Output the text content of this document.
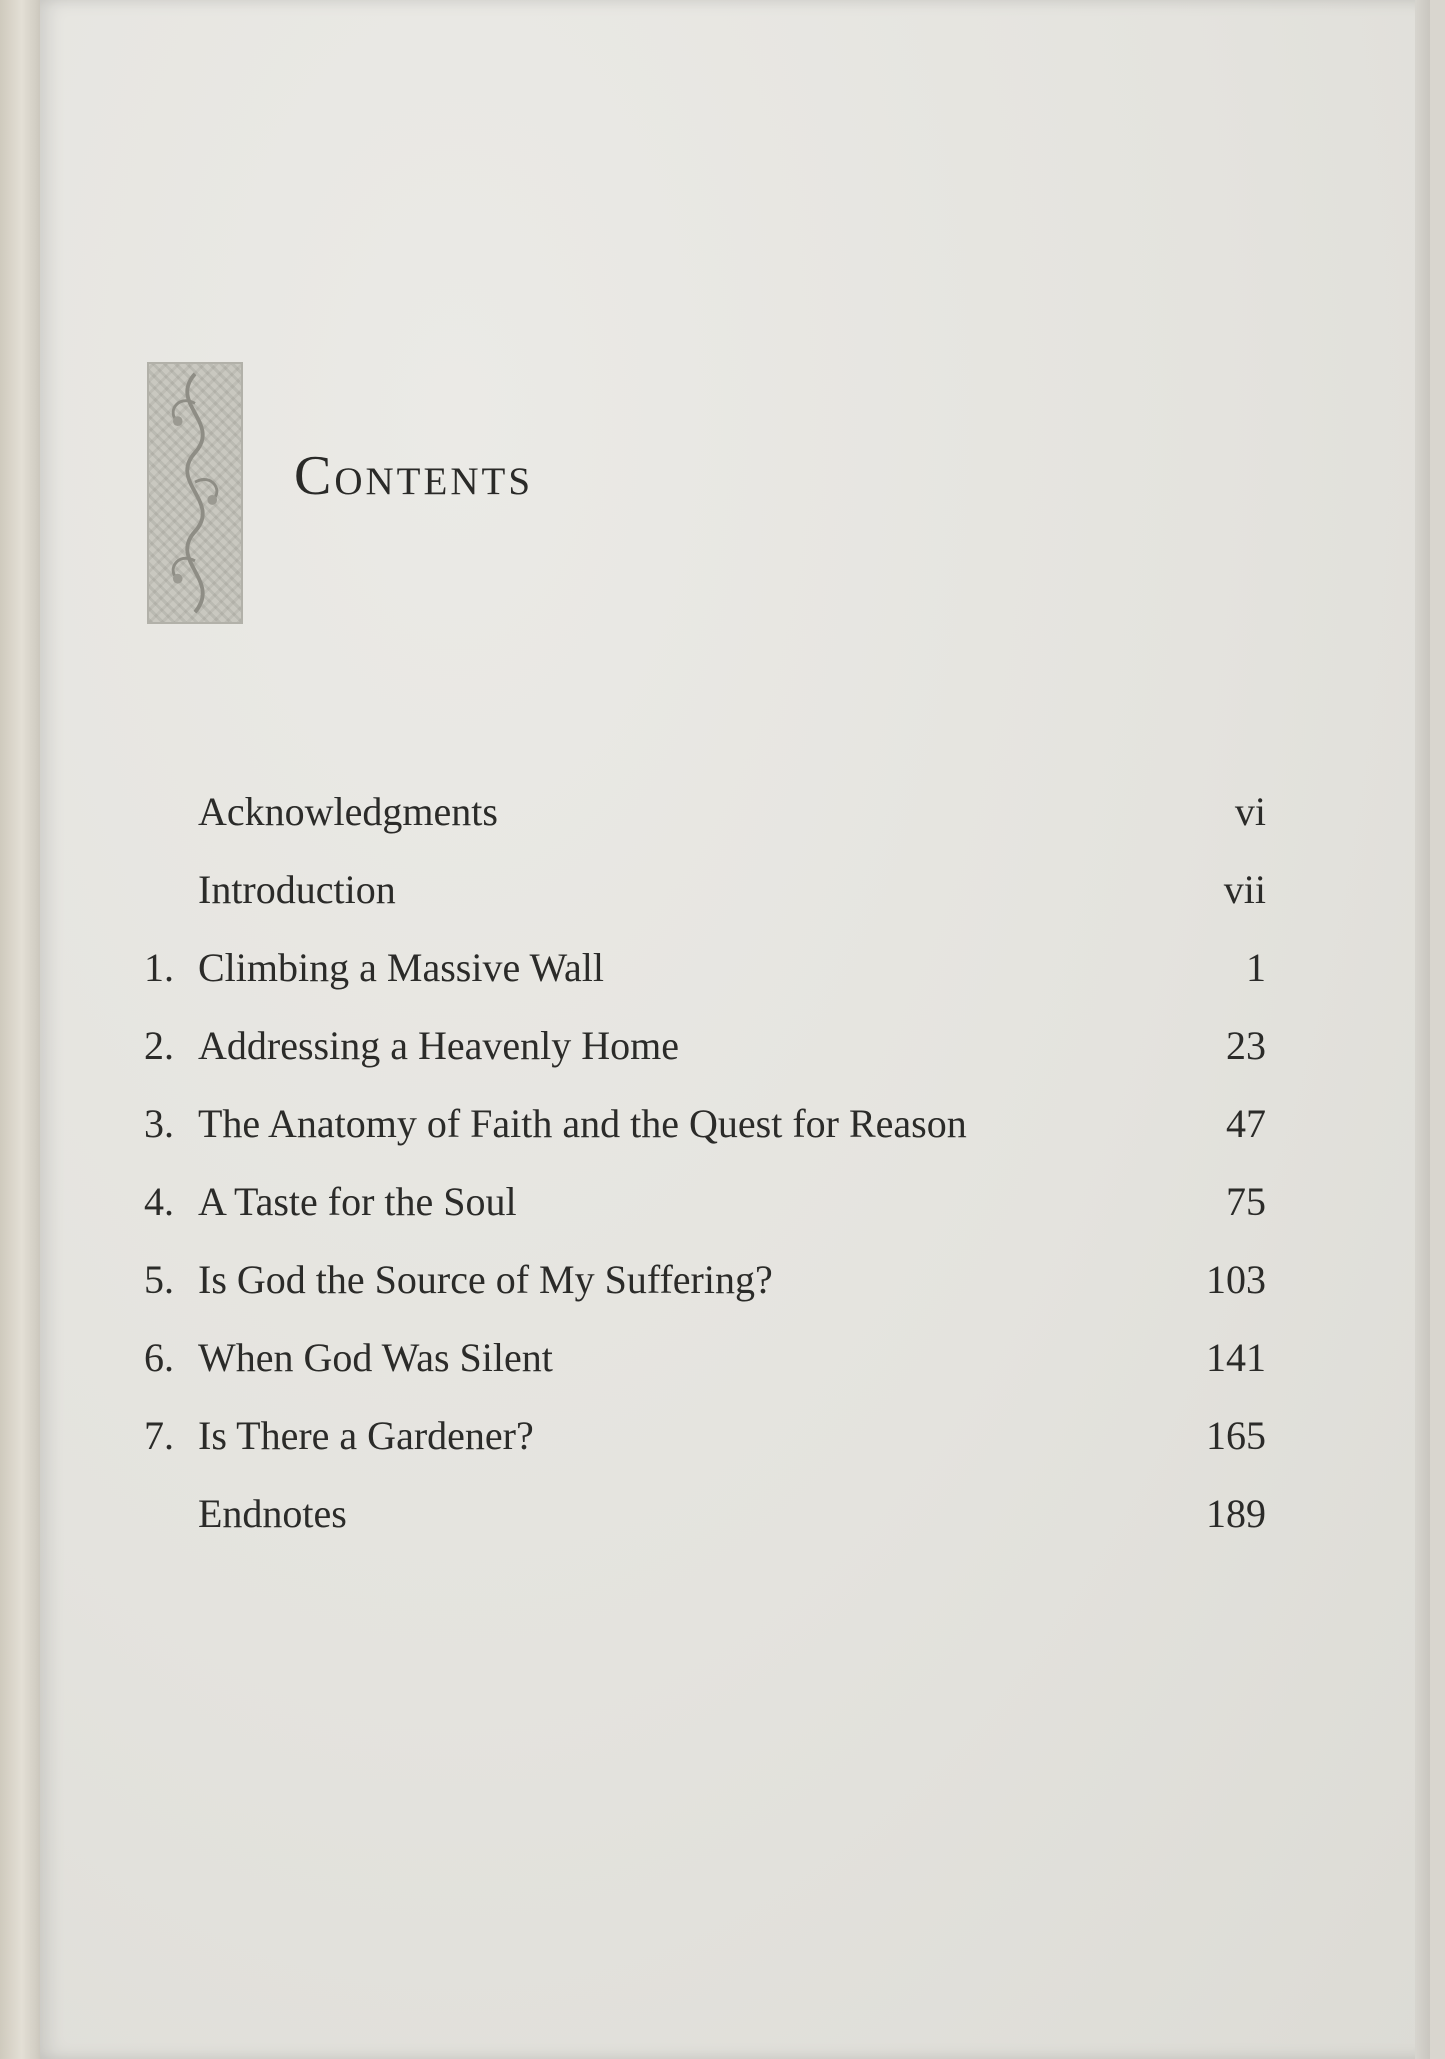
Contents
Acknowledgments	vi
Introduction	vii
1. Climbing a Massive Wall	1
2. Addressing a Heavenly Home	23
3. The Anatomy of Faith and the Quest for Reason	47
4. A Taste for the Soul	75
5. Is God the Source of My Suffering?	103
6. When God Was Silent	141
7. Is There a Gardener?	165
Endnotes	189
